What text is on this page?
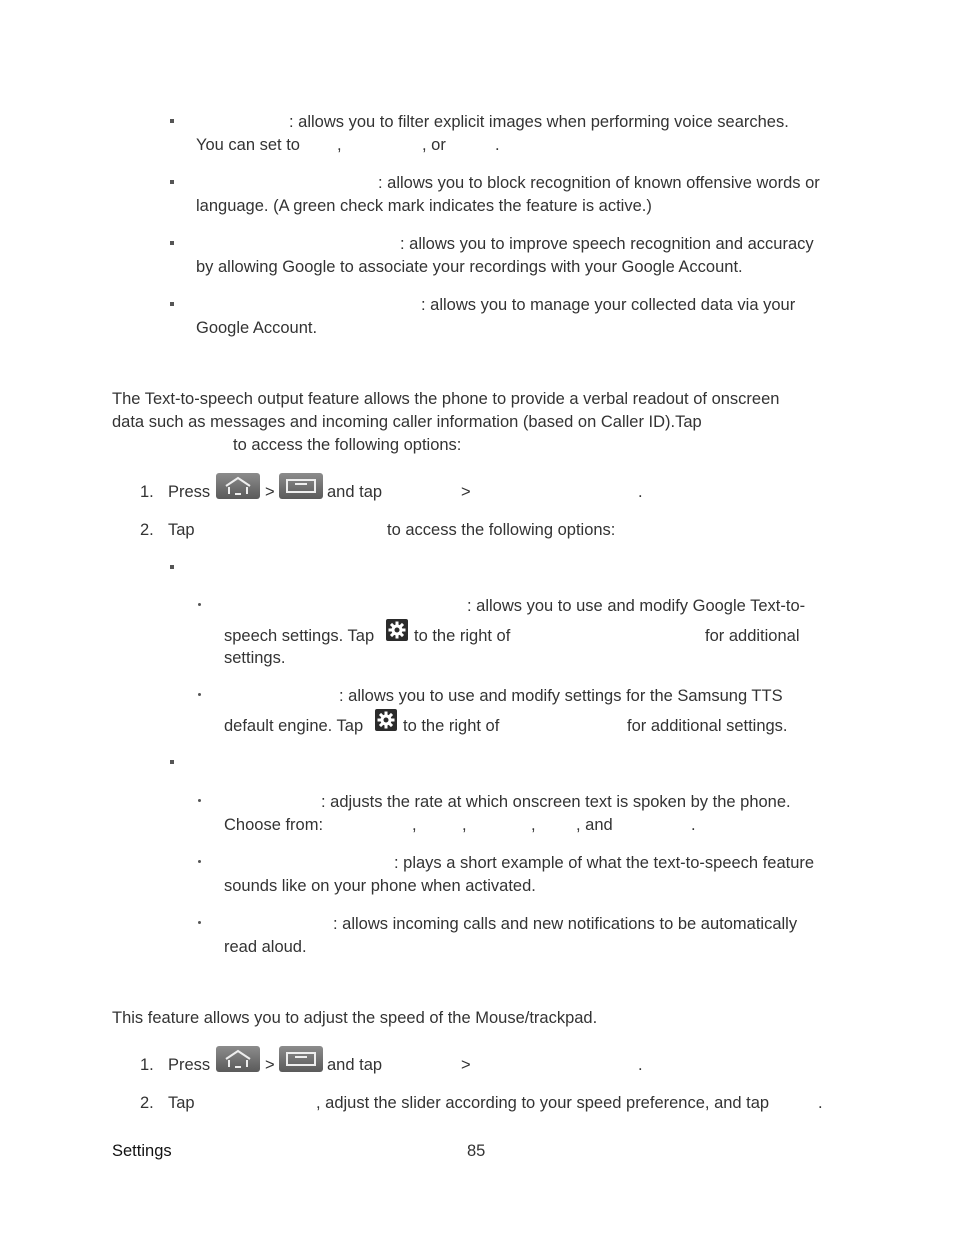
: allows you to filter explicit images when performing voice searches.
You can set to ,	, or	.
: allows you to block recognition of known offensive words or
language. (A green check mark indicates the feature is active.)
: allows you to improve speech recognition and accuracy
by allowing Google to associate your recordings with your Google Account.
: allows you to manage your collected data via your
Google Account.
The Text-to-speech output feature allows the phone to provide a verbal readout of onscreen
data such as messages and incoming caller information (based on Caller ID).Tap
to access the following options:
1. Press	>	and tap	>	.
2. Tap	to access the following options:
: allows you to use and modify Google Text-to-
speech settings. Tap to the right of	for additional
settings.
: allows you to use and modify settings for the Samsung TTS
default engine. Tap to the right of	for additional settings.
: adjusts the rate at which onscreen text is spoken by the phone.
Choose from:	,	,	, , and	.
: plays a short example of what the text-to-speech feature
sounds like on your phone when activated.
: allows incoming calls and new notifications to be automatically
read aloud.
This feature allows you to adjust the speed of the Mouse/trackpad.
1. Press	>	and tap	>	.
2. Tap	, adjust the slider according to your speed preference, and tap	.
Settings	85
